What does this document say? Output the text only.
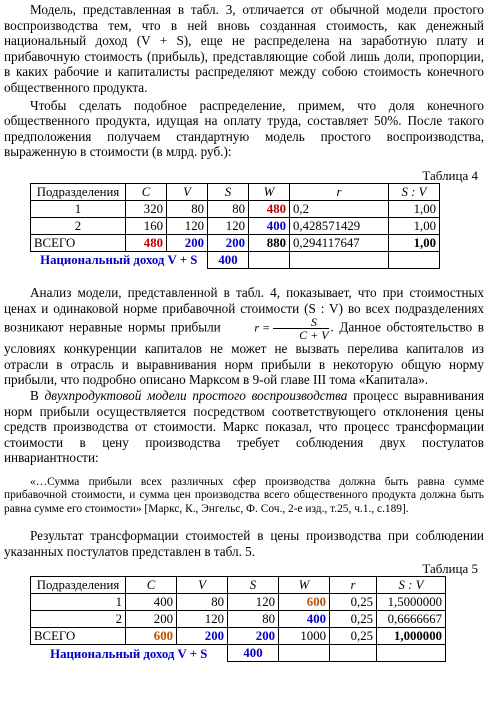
Модель, представленная в табл. 3, отличается от обычной модели простого воспроизводства тем, что в ней вновь созданная стоимость, как денежный национальный доход (V + S), еще не распределена на заработную плату и прибавочную стоимость (прибыль), представляющие собой лишь доли, пропорции, в каких рабочие и капиталисты распределяют между собою стоимость конечного общественного продукта.

Чтобы сделать подобное распределение, примем, что доля конечного общественного продукта, идущая на оплату труда, составляет 50%. После такого предположения получаем стандартную модель простого воспроизводства, выраженную в стоимости (в млрд. руб.):

Таблица 4
Подразделения	C	V	S	W	r	S : V
1	320	80	80	480	0,2	1,00
2	160	120	120	400	0,428571429	1,00
ВСЕГО	480	200	200	880	0,294117647	1,00
Национальный доход V + S			400			

Анализ модели, представленной в табл. 4, показывает, что при стоимостных ценах и одинаковой норме прибавочной стоимости (S : V) во всех подразделениях возникают неравные нормы прибыли	$r = \frac{S}{C + V}$ . Данное обстоятельство в условиях конкуренции капиталов не может не вызвать перелива капиталов из отрасли в отрасль и выравнивания норм прибыли в некоторую общую норму прибыли, что подробно описано Марксом в 9-ой главе III тома «Капитала».

В двухпродуктовой модели простого воспроизводства процесс выравнивания норм прибыли осуществляется посредством соответствующего отклонения цены средств производства от стоимости. Маркс показал, что процесс трансформации стоимости в цену производства требует соблюдения двух постулатов инвариантности:

«…Сумма прибыли всех различных сфер производства должна быть равна сумме прибавочной стоимости, и сумма цен производства всего общественного продукта должна быть равна сумме его стоимости» [Маркс, К., Энгельс, Ф. Соч., 2-е изд., т.25, ч.1., с.189].

Результат трансформации стоимостей в цены производства при соблюдении указанных постулатов представлен в табл. 5.

Таблица 5
Подразделения	C	V	S	W	r	S : V
1	400	80	120	600	0,25	1,5000000
2	200	120	80	400	0,25	0,6666667
ВСЕГО	600	200	200	1000	0,25	1,000000
Национальный доход V + S			400			
